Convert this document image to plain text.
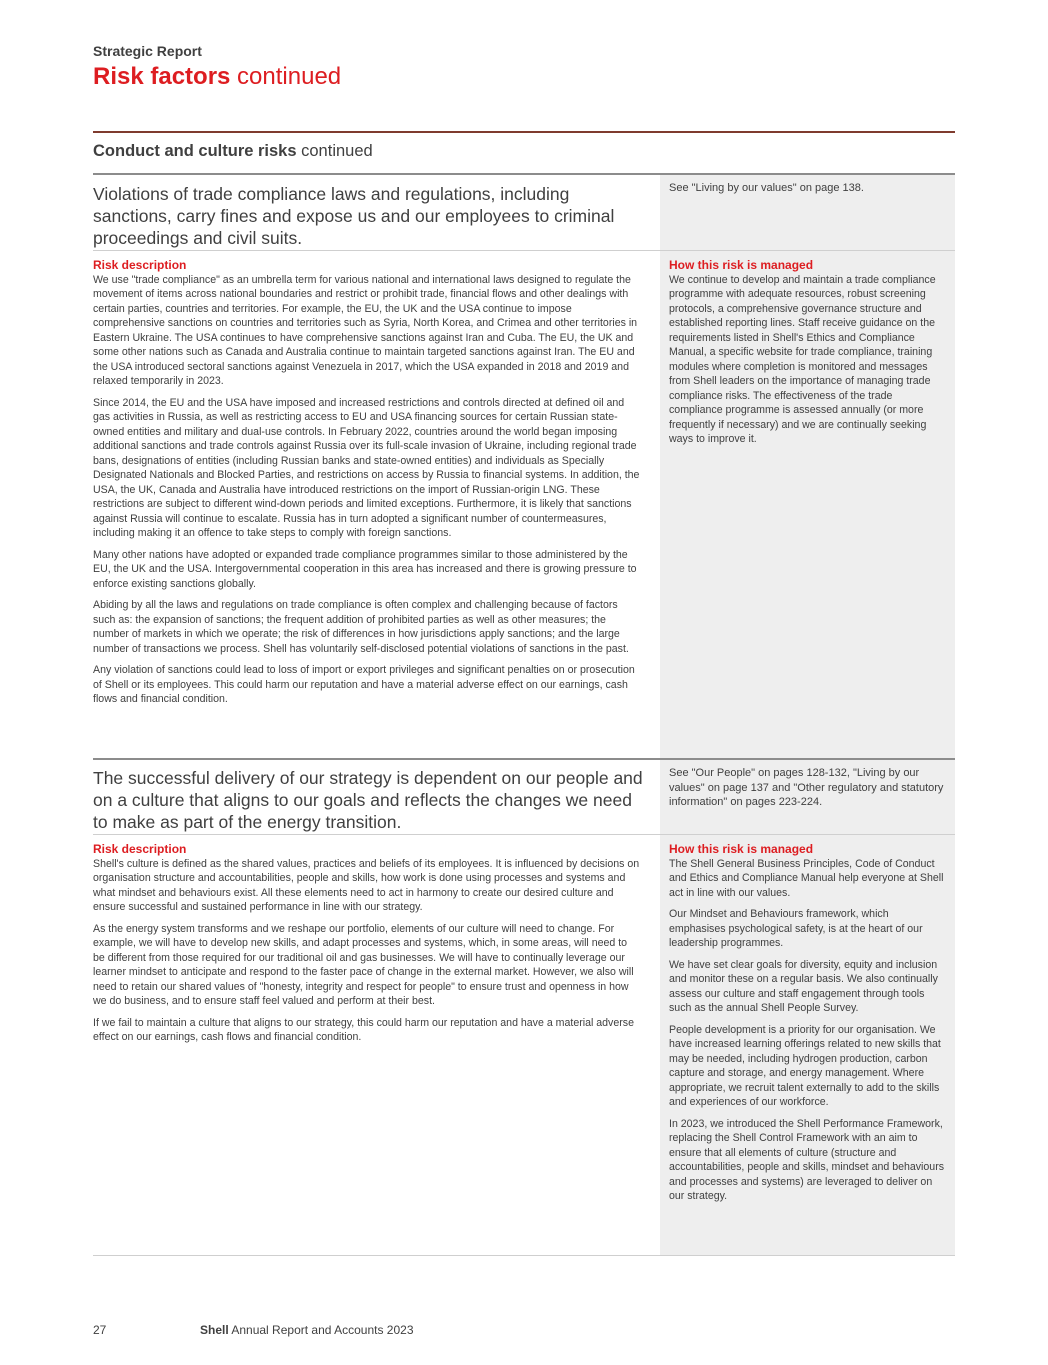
Strategic Report
Risk factors continued
Conduct and culture risks continued
Violations of trade compliance laws and regulations, including sanctions, carry fines and expose us and our employees to criminal proceedings and civil suits.
See "Living by our values" on page 138.
Risk description

We use "trade compliance" as an umbrella term for various national and international laws designed to regulate the movement of items across national boundaries and restrict or prohibit trade, financial flows and other dealings with certain parties, countries and territories. For example, the EU, the UK and the USA continue to impose comprehensive sanctions on countries and territories such as Syria, North Korea, and Crimea and other territories in Eastern Ukraine. The USA continues to have comprehensive sanctions against Iran and Cuba. The EU, the UK and some other nations such as Canada and Australia continue to maintain targeted sanctions against Iran. The EU and the USA introduced sectoral sanctions against Venezuela in 2017, which the USA expanded in 2018 and 2019 and relaxed temporarily in 2023.

Since 2014, the EU and the USA have imposed and increased restrictions and controls directed at defined oil and gas activities in Russia, as well as restricting access to EU and USA financing sources for certain Russian state-owned entities and military and dual-use controls. In February 2022, countries around the world began imposing additional sanctions and trade controls against Russia over its full-scale invasion of Ukraine, including regional trade bans, designations of entities (including Russian banks and state-owned entities) and individuals as Specially Designated Nationals and Blocked Parties, and restrictions on access by Russia to financial systems. In addition, the USA, the UK, Canada and Australia have introduced restrictions on the import of Russian-origin LNG. These restrictions are subject to different wind-down periods and limited exceptions. Furthermore, it is likely that sanctions against Russia will continue to escalate. Russia has in turn adopted a significant number of countermeasures, including making it an offence to take steps to comply with foreign sanctions.

Many other nations have adopted or expanded trade compliance programmes similar to those administered by the EU, the UK and the USA. Intergovernmental cooperation in this area has increased and there is growing pressure to enforce existing sanctions globally.

Abiding by all the laws and regulations on trade compliance is often complex and challenging because of factors such as: the expansion of sanctions; the frequent addition of prohibited parties as well as other measures; the number of markets in which we operate; the risk of differences in how jurisdictions apply sanctions; and the large number of transactions we process. Shell has voluntarily self-disclosed potential violations of sanctions in the past.

Any violation of sanctions could lead to loss of import or export privileges and significant penalties on or prosecution of Shell or its employees. This could harm our reputation and have a material adverse effect on our earnings, cash flows and financial condition.

How this risk is managed

We continue to develop and maintain a trade compliance programme with adequate resources, robust screening protocols, a comprehensive governance structure and established reporting lines. Staff receive guidance on the requirements listed in Shell's Ethics and Compliance Manual, a specific website for trade compliance, training modules where completion is monitored and messages from Shell leaders on the importance of managing trade compliance risks. The effectiveness of the trade compliance programme is assessed annually (or more frequently if necessary) and we are continually seeking ways to improve it.

The successful delivery of our strategy is dependent on our people and on a culture that aligns to our goals and reflects the changes we need to make as part of the energy transition.
See "Our People" on pages 128-132, "Living by our values" on page 137 and "Other regulatory and statutory information" on pages 223-224.
Risk description

Shell's culture is defined as the shared values, practices and beliefs of its employees. It is influenced by decisions on organisation structure and accountabilities, people and skills, how work is done using processes and systems and what mindset and behaviours exist. All these elements need to act in harmony to create our desired culture and ensure successful and sustained performance in line with our strategy.

As the energy system transforms and we reshape our portfolio, elements of our culture will need to change. For example, we will have to develop new skills, and adapt processes and systems, which, in some areas, will need to be different from those required for our traditional oil and gas businesses. We will have to continually leverage our learner mindset to anticipate and respond to the faster pace of change in the external market. However, we also will need to retain our shared values of "honesty, integrity and respect for people" to ensure trust and openness in how we do business, and to ensure staff feel valued and perform at their best.

If we fail to maintain a culture that aligns to our strategy, this could harm our reputation and have a material adverse effect on our earnings, cash flows and financial condition.

How this risk is managed

The Shell General Business Principles, Code of Conduct and Ethics and Compliance Manual help everyone at Shell act in line with our values.

Our Mindset and Behaviours framework, which emphasises psychological safety, is at the heart of our leadership programmes.

We have set clear goals for diversity, equity and inclusion and monitor these on a regular basis. We also continually assess our culture and staff engagement through tools such as the annual Shell People Survey.

People development is a priority for our organisation. We have increased learning offerings related to new skills that may be needed, including hydrogen production, carbon capture and storage, and energy management. Where appropriate, we recruit talent externally to add to the skills and experiences of our workforce.

In 2023, we introduced the Shell Performance Framework, replacing the Shell Control Framework with an aim to ensure that all elements of culture (structure and accountabilities, people and skills, mindset and behaviours and processes and systems) are leveraged to deliver on our strategy.

27	Shell Annual Report and Accounts 2023
